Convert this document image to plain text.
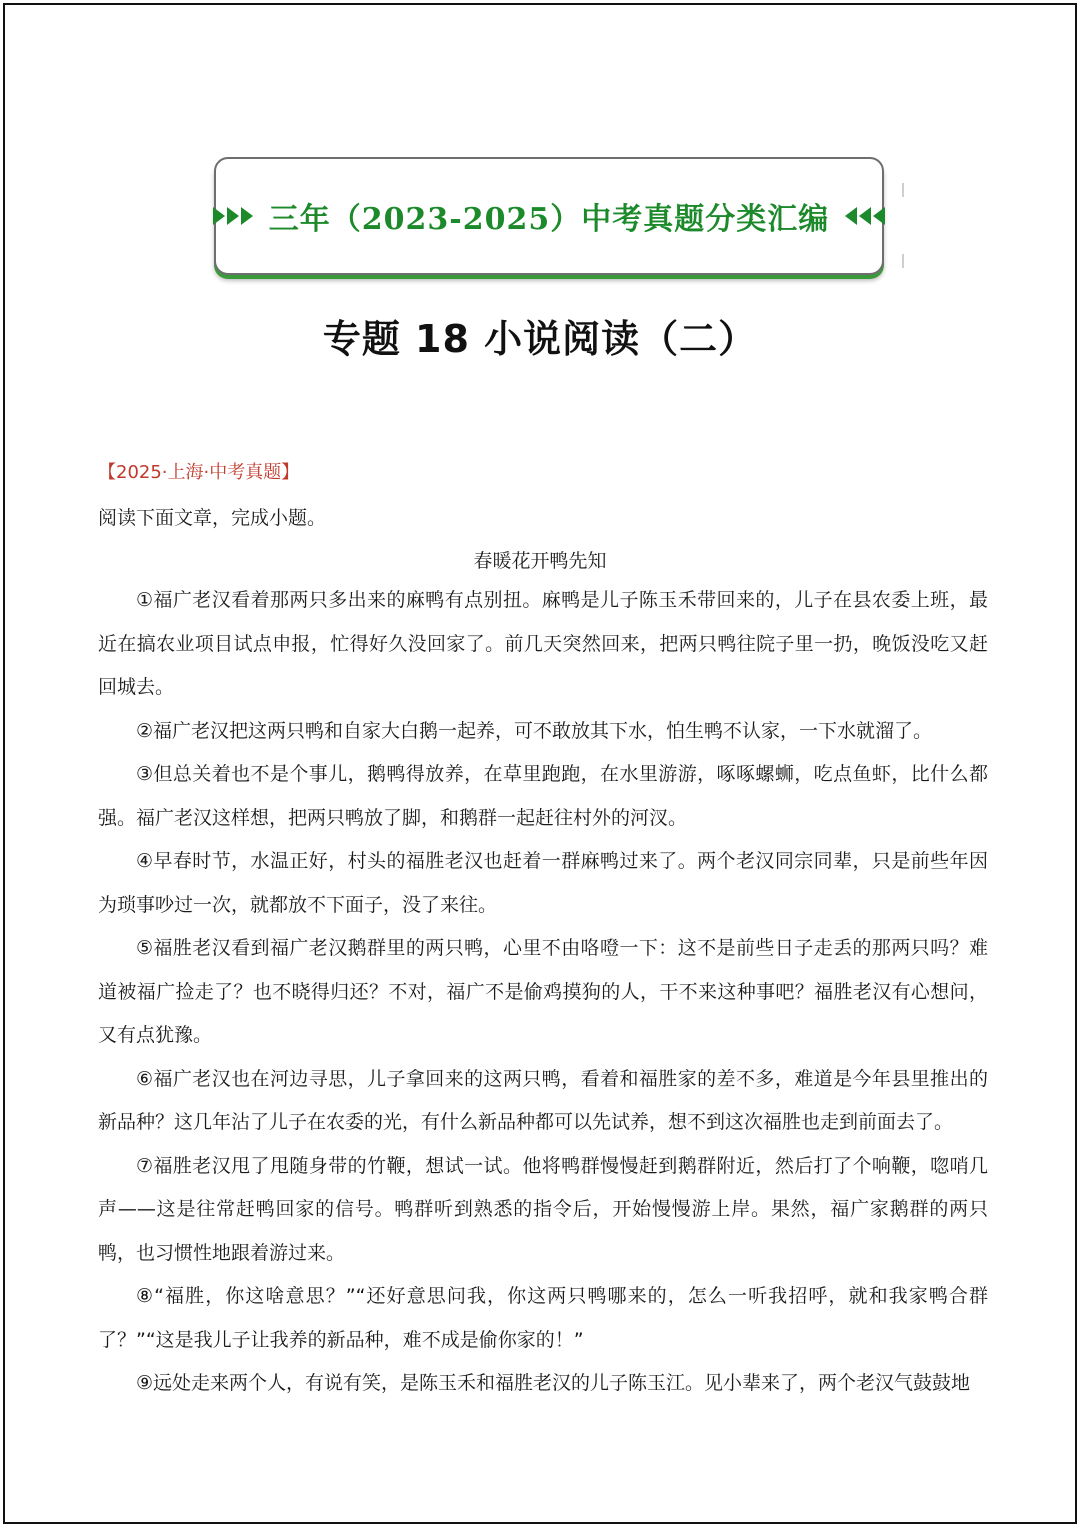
三年（2023-2025）中考真题分类汇编
专题 18 小说阅读（二）
【2025·上海·中考真题】
阅读下面文章，完成小题。
春暖花开鸭先知

①福广老汉看着那两只多出来的麻鸭有点别扭。麻鸭是儿子陈玉禾带回来的，儿子在县农委上班，最近在搞农业项目试点申报，忙得好久没回家了。前几天突然回来，把两只鸭往院子里一扔，晚饭没吃又赶回城去。

②福广老汉把这两只鸭和自家大白鹅一起养，可不敢放其下水，怕生鸭不认家，一下水就溜了。

③但总关着也不是个事儿，鹅鸭得放养，在草里跑跑，在水里游游，啄啄螺蛳，吃点鱼虾，比什么都强。福广老汉这样想，把两只鸭放了脚，和鹅群一起赶往村外的河汊。

④早春时节，水温正好，村头的福胜老汉也赶着一群麻鸭过来了。两个老汉同宗同辈，只是前些年因为琐事吵过一次，就都放不下面子，没了来往。

⑤福胜老汉看到福广老汉鹅群里的两只鸭，心里不由咯噔一下：这不是前些日子走丢的那两只吗？难道被福广捡走了？也不晓得归还？不对，福广不是偷鸡摸狗的人，干不来这种事吧？福胜老汉有心想问，又有点犹豫。

⑥福广老汉也在河边寻思，儿子拿回来的这两只鸭，看着和福胜家的差不多，难道是今年县里推出的新品种？这几年沾了儿子在农委的光，有什么新品种都可以先试养，想不到这次福胜也走到前面去了。

⑦福胜老汉甩了甩随身带的竹鞭，想试一试。他将鸭群慢慢赶到鹅群附近，然后打了个响鞭，唿哨几声——这是往常赶鸭回家的信号。鸭群听到熟悉的指令后，开始慢慢游上岸。果然，福广家鹅群的两只鸭，也习惯性地跟着游过来。

⑧“福胜，你这啥意思？”“还好意思问我，你这两只鸭哪来的，怎么一听我招呼，就和我家鸭合群了？”“这是我儿子让我养的新品种，难不成是偷你家的！”

⑨远处走来两个人，有说有笑，是陈玉禾和福胜老汉的儿子陈玉江。见小辈来了，两个老汉气鼓鼓地
